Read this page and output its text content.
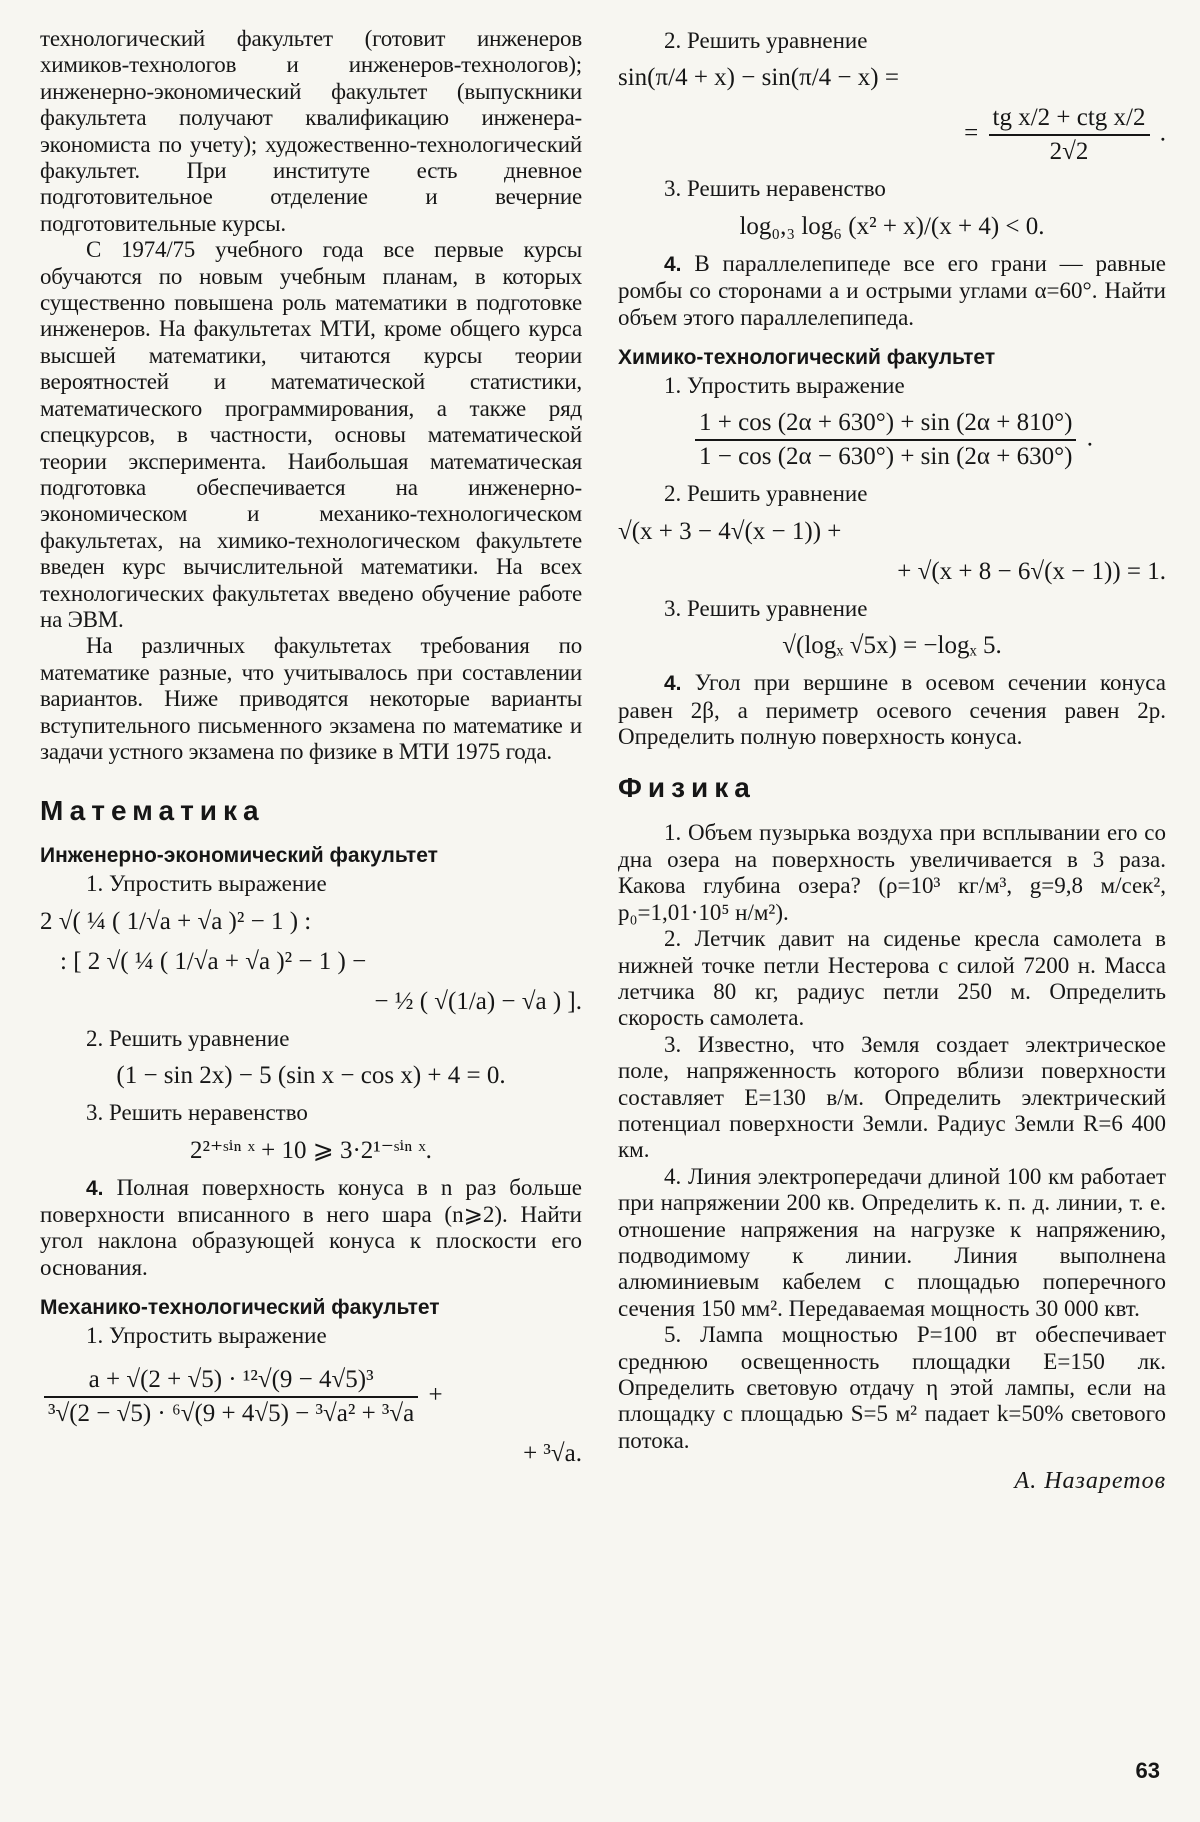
технологический факультет (готовит инженеров химиков-технологов и инженеров-технологов); инженерно-экономический факультет (выпускники факультета получают квалификацию инженера-экономиста по учету); художественно-технологический факультет. При институте есть дневное подготовительное отделение и вечерние подготовительные курсы.

С 1974/75 учебного года все первые курсы обучаются по новым учебным планам, в которых существенно повышена роль математики в подготовке инженеров. На факультетах МТИ, кроме общего курса высшей математики, читаются курсы теории вероятностей и математической статистики, математического программирования, а также ряд спецкурсов, в частности, основы математической теории эксперимента. Наибольшая математическая подготовка обеспечивается на инженерно-экономическом и механико-технологическом факультетах, на химико-технологическом факультете введен курс вычислительной математики. На всех технологических факультетах введено обучение работе на ЭВМ.

На различных факультетах требования по математике разные, что учитывалось при составлении вариантов. Ниже приводятся некоторые варианты вступительного письменного экзамена по математике и задачи устного экзамена по физике в МТИ 1975 года.

Математика
Инженерно-экономический факультет

1. Упростить выражение

2 √( ¼ ( 1/√a + √a )² − 1 ) :
: [ 2 √( ¼ ( 1/√a + √a )² − 1 ) −
− ½ ( √(1/a) − √a ) ].

2. Решить уравнение

(1 − sin 2x) − 5 (sin x − cos x) + 4 = 0.

3. Решить неравенство

2²⁺ˢⁱⁿ ˣ + 10 ⩾ 3·2¹⁻ˢⁱⁿ ˣ.

4. Полная поверхность конуса в n раз больше поверхности вписанного в него шара (n⩾2). Найти угол наклона образующей конуса к плоскости его основания.

Механико-технологический факультет

1. Упростить выражение

$\frac{\text{a + √(2 + √5) · ¹²√(9 − 4√5)³}}{\text{³√(2 − √5) · ⁶√(9 + 4√5) − ³√a² + ³√a}}$ +
+ ³√a.

2. Решить уравнение

sin(π/4 + x) − sin(π/4 − x) =
= $\frac{\text{tg x/2 + ctg x/2}}{2√2}$ .

3. Решить неравенство

log₀,₃ log₆ (x² + x)/(x + 4) < 0.

4. В параллелепипеде все его грани — равные ромбы со сторонами a и острыми углами α=60°. Найти объем этого параллелепипеда.

Химико-технологический факультет

1. Упростить выражение

$\frac{1 + \cos (2\alpha + 630^\circ) + \sin (2\alpha + 810^\circ)}{1 - \cos (2\alpha - 630^\circ) + \sin (2\alpha + 630^\circ)}$ .

2. Решить уравнение

√(x + 3 − 4√(x − 1)) +
+ √(x + 8 − 6√(x − 1)) = 1.

3. Решить уравнение

√(logₓ √5x) = −logₓ 5.

4. Угол при вершине в осевом сечении конуса равен 2β, а периметр осевого сечения равен 2p. Определить полную поверхность конуса.

Физика

1. Объем пузырька воздуха при всплывании его со дна озера на поверхность увеличивается в 3 раза. Какова глубина озера? (ρ=10³ кг/м³, g=9,8 м/сек², p₀=1,01·10⁵ н/м²).

2. Летчик давит на сиденье кресла самолета в нижней точке петли Нестерова с силой 7200 н. Масса летчика 80 кг, радиус петли 250 м. Определить скорость самолета.

3. Известно, что Земля создает электрическое поле, напряженность которого вблизи поверхности составляет E=130 в/м. Определить электрический потенциал поверхности Земли. Радиус Земли R=6 400 км.

4. Линия электропередачи длиной 100 км работает при напряжении 200 кв. Определить к. п. д. линии, т. е. отношение напряжения на нагрузке к напряжению, подводимому к линии. Линия выполнена алюминиевым кабелем с площадью поперечного сечения 150 мм². Передаваемая мощность 30 000 квт.

5. Лампа мощностью P=100 вт обеспечивает среднюю освещенность площадки E=150 лк. Определить световую отдачу η этой лампы, если на площадку с площадью S=5 м² падает k=50% светового потока.

А. Назаретов
63
